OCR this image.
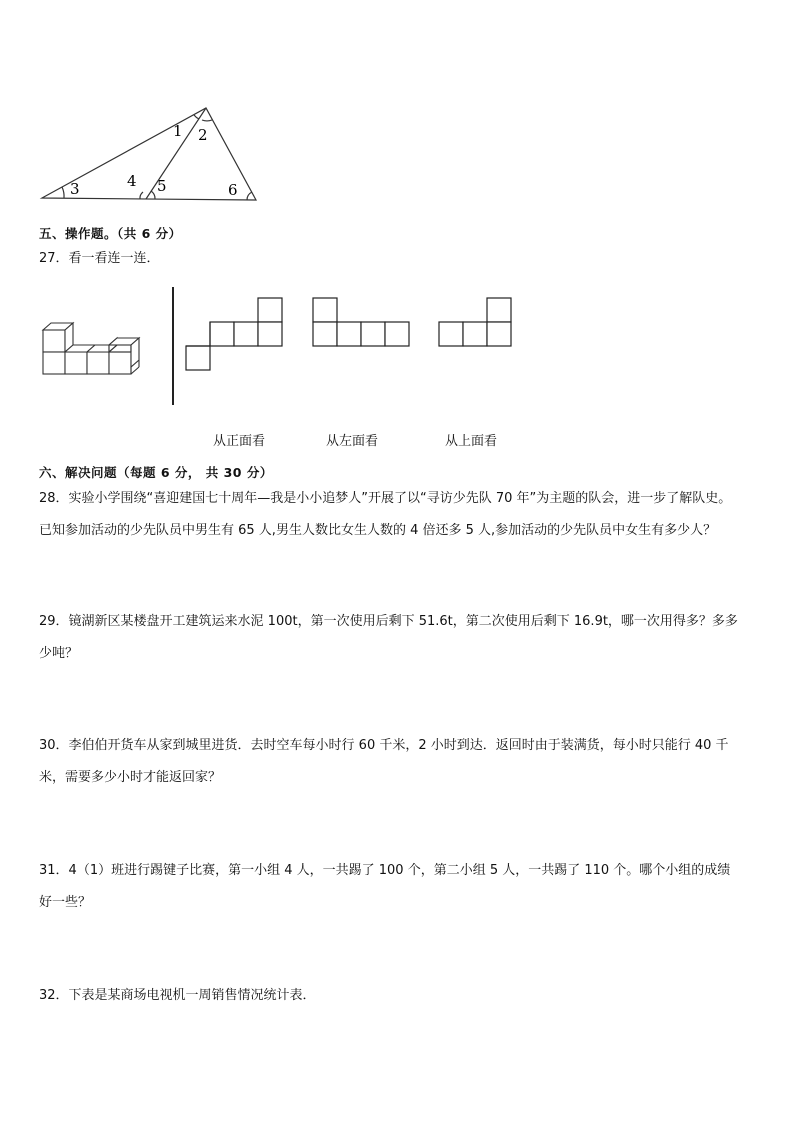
1 2
3	4 5	6
五、操作题。（共 6 分）
27．看一看连一连．
从正面看	从左面看	从上面看
六、解决问题（每题 6 分， 共 30 分）
28．实验小学围绕“喜迎建国七十周年—我是小小追梦人”开展了以“寻访少先队 70 年”为主题的队会，进一步了解队史。
已知参加活动的少先队员中男生有 65 人,男生人数比女生人数的 4 倍还多 5 人,参加活动的少先队员中女生有多少人？
29．镜湖新区某楼盘开工建筑运来水泥 100t，第一次使用后剩下 51.6t，第二次使用后剩下 16.9t，哪一次用得多？多多
少吨？
30．李伯伯开货车从家到城里进货．去时空车每小时行 60 千米，2 小时到达．返回时由于装满货，每小时只能行 40 千
米，需要多少小时才能返回家？
31．4（1）班进行踢键子比赛，第一小组 4 人，一共踢了 100 个，第二小组 5 人，一共踢了 110 个。哪个小组的成绩
好一些？
32．下表是某商场电视机一周销售情况统计表．
